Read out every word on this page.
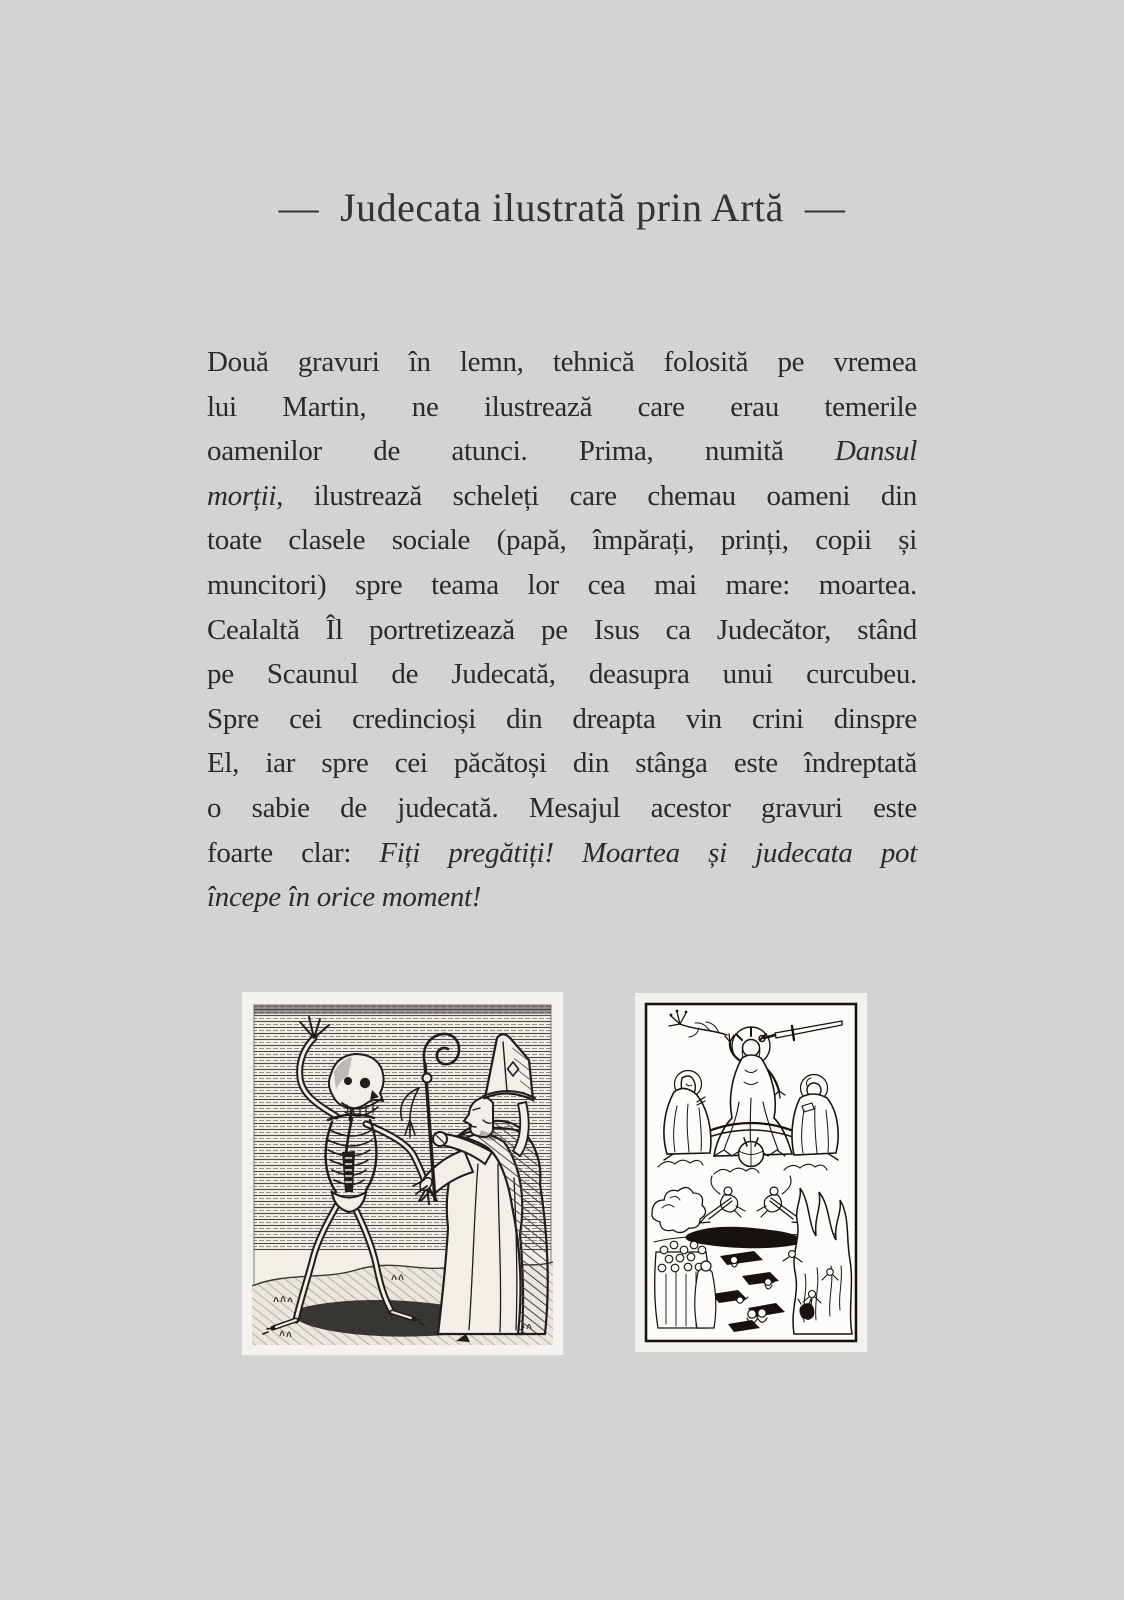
—  Judecata ilustrată prin Artă  —
Două gravuri în lemn, tehnică folosită pe vremea
lui Martin, ne ilustrează care erau temerile
oamenilor de atunci. Prima, numită Dansul
morții, ilustrează scheleți care chemau oameni din
toate clasele sociale (papă, împărați, prinți, copii și
muncitori) spre teama lor cea mai mare: moartea.
Cealaltă Îl portretizează pe Isus ca Judecător, stând
pe Scaunul de Judecată, deasupra unui curcubeu.
Spre cei credincioși din dreapta vin crini dinspre
El, iar spre cei păcătoși din stânga este îndreptată
o sabie de judecată. Mesajul acestor gravuri este
foarte clar: Fiți pregătiți! Moartea și judecata pot
începe în orice moment!
